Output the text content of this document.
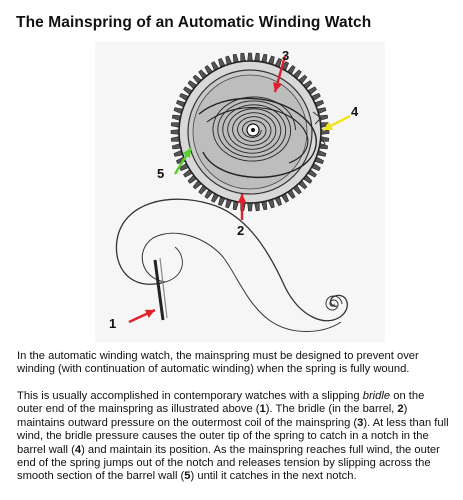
The Mainspring of an Automatic Winding Watch
1
2
3
4
5

In the automatic winding watch, the mainspring must be designed to prevent over winding (with continuation of automatic winding) when the spring is fully wound.

This is usually accomplished in contemporary watches with a slipping bridle on the outer end of the mainspring as illustrated above (1). The bridle (in the barrel, 2) maintains outward pressure on the outermost coil of the mainspring (3). At less than full wind, the bridle pressure causes the outer tip of the spring to catch in a notch in the barrel wall (4) and maintain its position. As the mainspring reaches full wind, the outer end of the spring jumps out of the notch and releases tension by slipping across the smooth section of the barrel wall (5) until it catches in the next notch.
